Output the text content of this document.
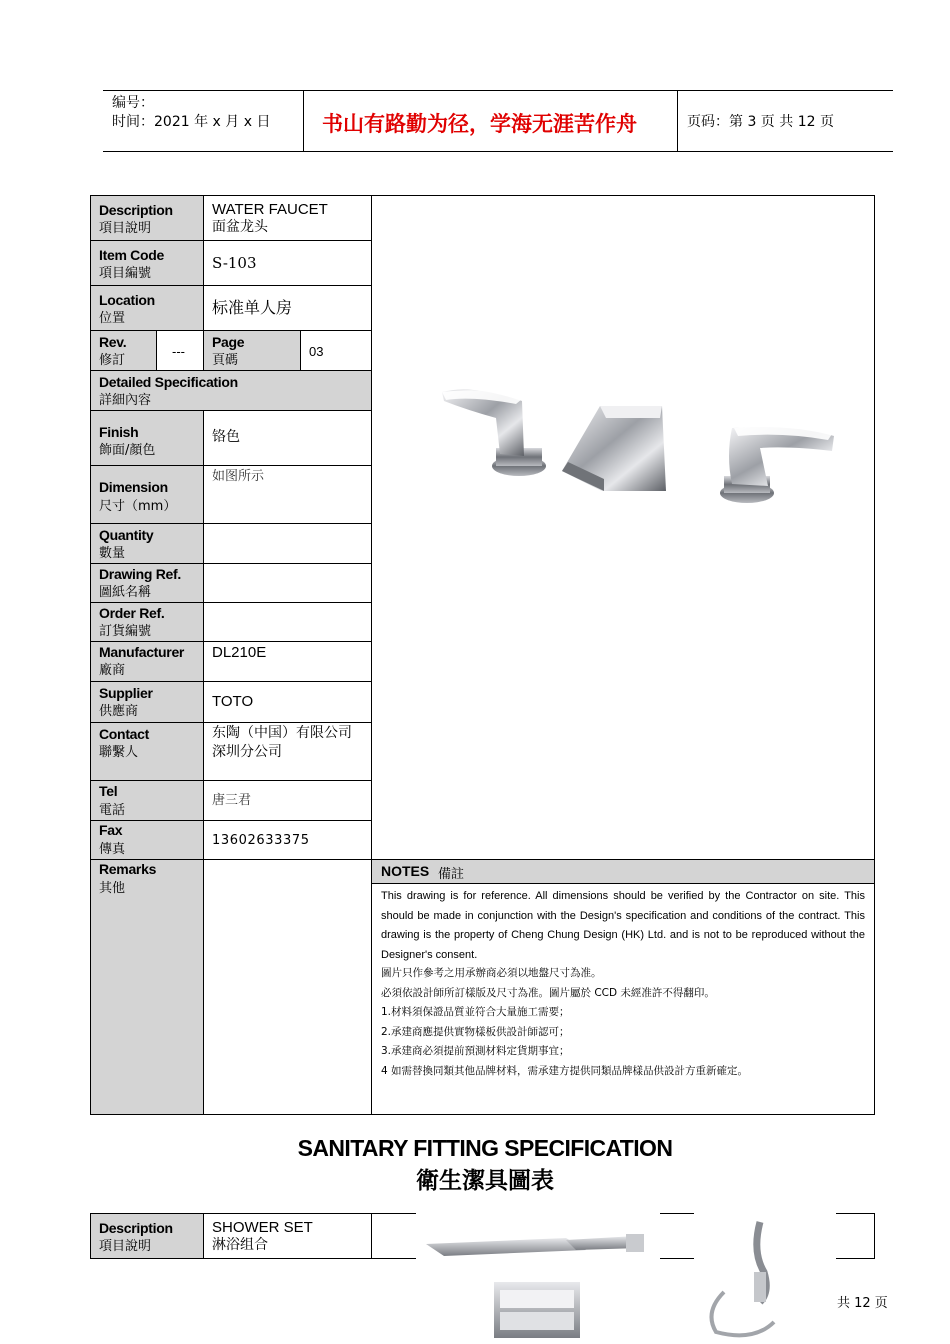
编号：
时间：2021 年 x 月 x 日 书山有路勤为径，学海无涯苦作舟	页码：第 3 页 共 12 页
Description
項目說明
WATER FAUCET
面盆龙头
Item Code
項目編號
S-103
Location
位置
标准单人房
Rev.
修訂
---
Page
頁碼
03
Detailed Specification
詳細內容
Finish
飾面/顏色
铬色
Dimension
尺寸（mm）
如图所示
Quantity
數量
Drawing Ref.
圖紙名稱
Order Ref.
訂貨編號
Manufacturer
廠商
DL210E
Supplier
供應商
TOTO
Contact
聯繫人
东陶（中国）有限公司
深圳分公司
Tel
電話
唐三君
Fax
傳真
13602633375
Remarks
其他
NOTES 備註
This drawing is for reference. All dimensions should be verified by the Contractor on site. This should be made in conjunction with the Design's specification and conditions of the contract. This drawing is the property of Cheng Chung Design (HK) Ltd. and is not to be reproduced without the Designer's consent.
圖片只作參考之用承辦商必須以地盤尺寸為准。
必須依設計師所訂樣版及尺寸為准。圖片屬於 CCD 未經准許不得翻印。
1.材料須保證品質並符合大量施工需要；
2.承建商應提供實物樣板供設計師認可；
3.承建商必須提前預測材料定貨期事宜；
4 如需替換同類其他品牌材料，需承建方提供同類品牌樣品供設計方重新確定。
SANITARY FITTING SPECIFICATION
衛生潔具圖表
Description
項目說明
SHOWER SET
淋浴组合
共 12 页
